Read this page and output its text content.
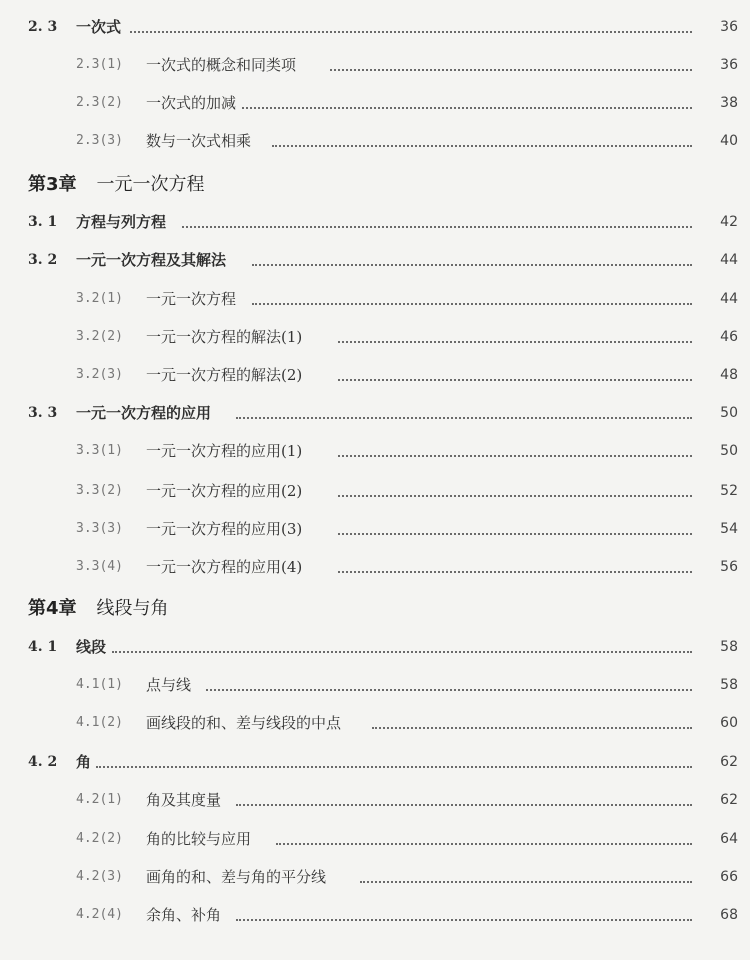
2. 3 一次式	36
2.3(1) 一次式的概念和同类项	36
2.3(2) 一次式的加减	38
2.3(3) 数与一次式相乘	40
第3章 一元一次方程
3. 1 方程与列方程	42
3. 2 一元一次方程及其解法	44
3.2(1) 一元一次方程	44
3.2(2) 一元一次方程的解法(1)	46
3.2(3) 一元一次方程的解法(2)	48
3. 3 一元一次方程的应用	50
3.3(1) 一元一次方程的应用(1)	50
3.3(2) 一元一次方程的应用(2)	52
3.3(3) 一元一次方程的应用(3)	54
3.3(4) 一元一次方程的应用(4)	56
第4章 线段与角
4. 1 线段	58
4.1(1) 点与线	58
4.1(2) 画线段的和、差与线段的中点	60
4. 2 角	62
4.2(1) 角及其度量	62
4.2(2) 角的比较与应用	64
4.2(3) 画角的和、差与角的平分线	66
4.2(4) 余角、补角	68
